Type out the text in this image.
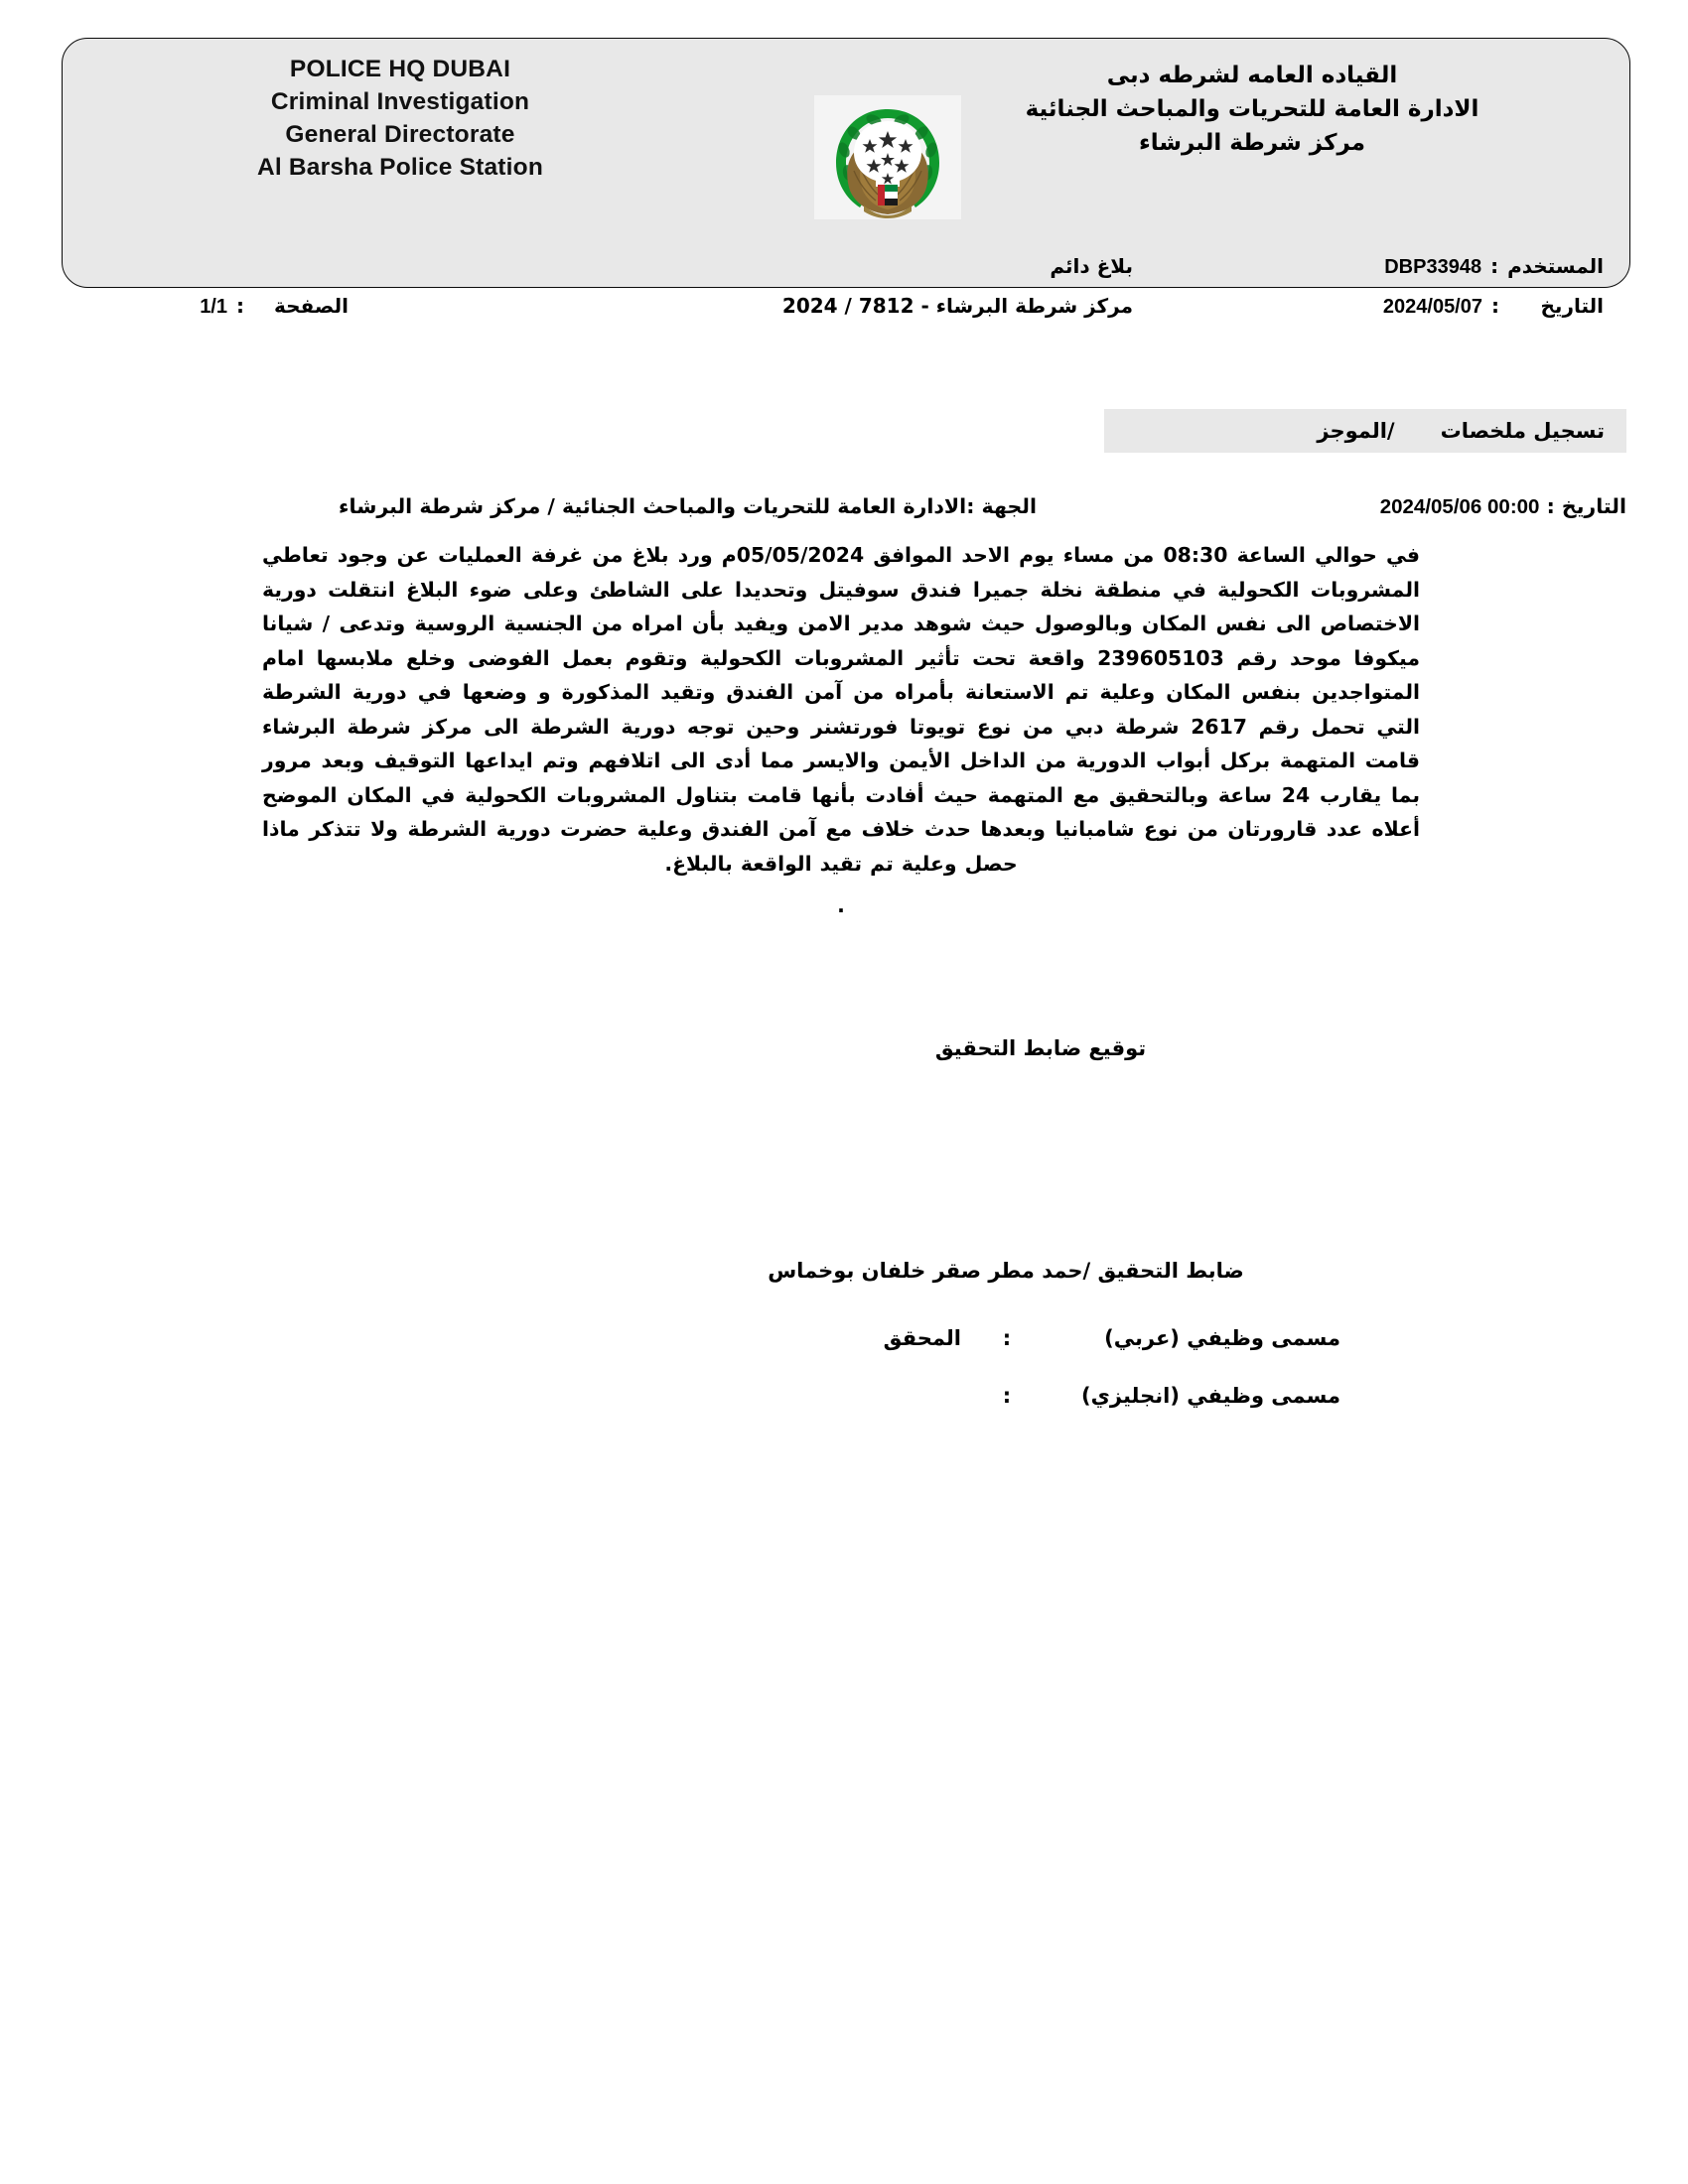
POLICE HQ DUBAI
Criminal Investigation
General Directorate
Al Barsha Police Station
القياده العامه لشرطه دبى
الادارة العامة للتحريات والمباحث الجنائية
مركز شرطة البرشاء
المستخدم:DBP33948
التاريخ:2024/05/07
بلاغ دائم
مركز شرطة البرشاء - 7812 / 2024
الصفحة:1/1
تسجيل ملخصات
/الموجز
التاريخ : 2024/05/06 00:00
الجهة :الادارة العامة للتحريات والمباحث الجنائية / مركز شرطة البرشاء
في حوالي الساعة 08:30 من مساء يوم الاحد الموافق 05/05/2024م ورد بلاغ من غرفة العمليات عن وجود تعاطي المشروبات الكحولية في منطقة نخلة جميرا فندق سوفيتل وتحديدا على الشاطئ وعلى ضوء البلاغ انتقلت دورية الاختصاص الى نفس المكان وبالوصول حيث شوهد مدير الامن ويفيد بأن امراه من الجنسية الروسية وتدعى / شيانا ميكوفا موحد رقم 239605103 واقعة تحت تأثير المشروبات الكحولية وتقوم بعمل الفوضى وخلع ملابسها امام المتواجدين بنفس المكان وعلية تم الاستعانة بأمراه من آمن الفندق وتقيد المذكورة و وضعها في دورية الشرطة التي تحمل رقم 2617 شرطة دبي من نوع تويوتا فورتشنر وحين توجه دورية الشرطة الى مركز شرطة البرشاء قامت المتهمة بركل أبواب الدورية من الداخل الأيمن والايسر مما أدى الى اتلافهم وتم ايداعها التوقيف وبعد مرور بما يقارب 24 ساعة وبالتحقيق مع المتهمة حيث أفادت بأنها قامت بتناول المشروبات الكحولية في المكان الموضح أعلاه عدد قارورتان من نوع شامبانيا وبعدها حدث خلاف مع آمن الفندق وعلية حضرت دورية الشرطة ولا تتذكر ماذا حصل وعلية تم تقيد الواقعة بالبلاغ.
.
توقيع ضابط التحقيق
ضابط التحقيق /حمد مطر صقر خلفان بوخماس
مسمى وظيفي (عربي):المحقق
مسمى وظيفي (انجليزي):
